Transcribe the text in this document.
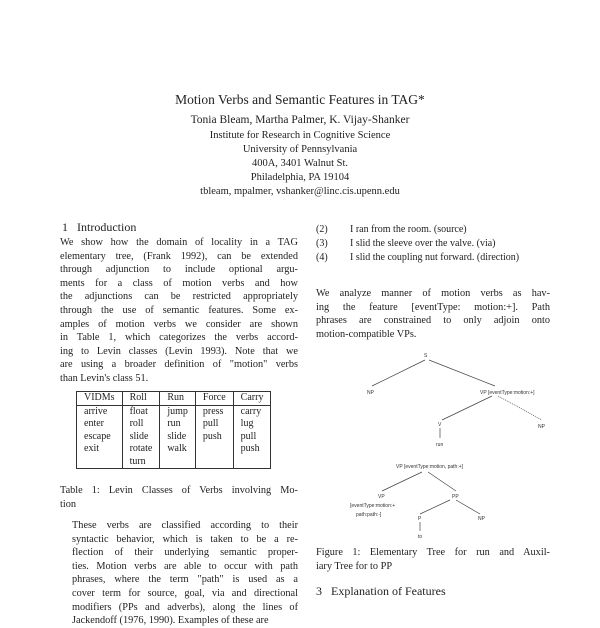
Motion Verbs and Semantic Features in TAG*
Tonia Bleam, Martha Palmer, K. Vijay-Shanker
Institute for Research in Cognitive Science
University of Pennsylvania
400A, 3401 Walnut St.
Philadelphia, PA 19104
tbleam, mpalmer, vshanker@linc.cis.upenn.edu
1 Introduction
We show how the domain of locality in a TAG
elementary tree, (Frank 1992), can be extended
through adjunction to include optional argu-
ments for a class of motion verbs and how
the adjunctions can be restricted appropriately
through the use of semantic features. Some ex-
amples of motion verbs we consider are shown
in Table 1, which categorizes the verbs accord-
ing to Levin classes (Levin 1993). Note that we
are using a broader definition of "motion" verbs
than Levin's class 51.
VIDMs	Roll	Run	Force	Carry
arrive	float	jump	press	carry
enter	roll	run	pull	lug
escape	slide	slide	push	pull
exit	rotate	walk		push
	turn			
Table 1: Levin Classes of Verbs involving Mo-
tion
These verbs are classified according to their
syntactic behavior, which is taken to be a re-
flection of their underlying semantic proper-
ties. Motion verbs are able to occur with path
phrases, where the term "path" is used as a
cover term for source, goal, via and directional
modifiers (PPs and adverbs), along the lines of
Jackendoff (1976, 1990). Examples of these are
(2) I ran from the room. (source)
(3) I slid the sleeve over the valve. (via)
(4) I slid the coupling nut forward. (direction)
We analyze manner of motion verbs as hav-
ing the feature [eventType: motion:+]. Path
phrases are constrained to only adjoin onto
motion-compatible VPs.
S
NP	VP [eventType:motion:+]
V
run
NP
VP [eventType:motion, path:+]
VP
[eventType:motion:+
path:path:-]
PP
P
to
NP
Figure 1: Elementary Tree for run and Auxil-
iary Tree for to PP
3 Explanation of Features
